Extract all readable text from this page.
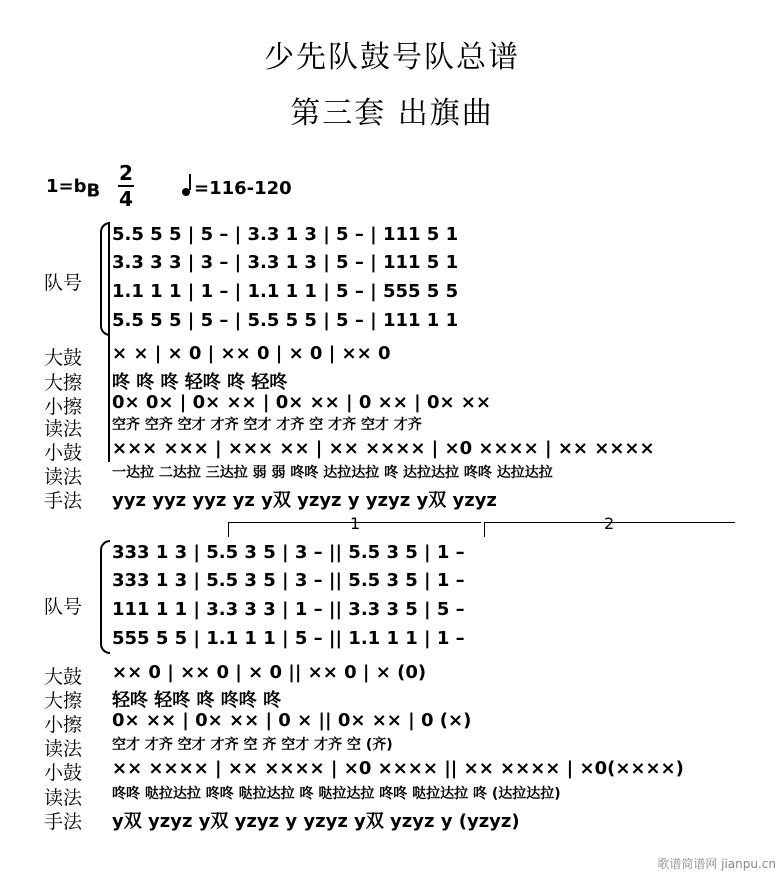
少先队鼓号队总谱
第三套 出旗曲
$1=b_B$
2
4	=116-120
5.5 5 5 | 5 – | 3.3 1 3 | 5 – | 111 5 1
3.3 3 3 | 3 – | 3.3 1 3 | 5 – | 111 5 1
1.1 1 1 | 1 – | 1.1 1 1 | 5 – | 555 5 5
5.5 5 5 | 5 – | 5.5 5 5 | 5 – | 111 1 1
队号
大鼓 × × | × 0 | ×× 0 | × 0 | ×× 0
大擦 咚 咚 咚 轻咚 咚 轻咚
小擦 0× 0× | 0× ×× | 0× ×× | 0 ×× | 0× ××
读法 空齐 空齐 空才 才齐 空才 才齐 空 才齐 空才 才齐
小鼓 ××× ××× | ××× ×× | ×× ×××× | ×0 ×××× | ×× ××××
读法 一达拉 二达拉 三达拉 弱 弱 咚咚 达拉达拉 咚 达拉达拉 咚咚 达拉达拉
手法 yyz yyz yyz yz y双 yzyz y yzyz y双 yzyz
1	2
333 1 3 | 5.5 3 5 | 3 – || 5.5 3 5 | 1 –
333 1 3 | 5.5 3 5 | 3 – || 5.5 3 5 | 1 –
111 1 1 | 3.3 3 3 | 1 – || 3.3 3 5 | 5 –
555 5 5 | 1.1 1 1 | 5 – || 1.1 1 1 | 1 –
队号
大鼓 ×× 0 | ×× 0 | × 0 || ×× 0 | × (0)
大擦 轻咚 轻咚 咚 咚咚 咚
小擦 0× ×× | 0× ×× | 0 × || 0× ×× | 0 (×)
读法 空才 才齐 空才 才齐 空 齐 空才 才齐 空 (齐)
小鼓 ×× ×××× | ×× ×××× | ×0 ×××× || ×× ×××× | ×0(××××)
读法 咚咚 哒拉达拉 咚咚 哒拉达拉 咚 哒拉达拉 咚咚 哒拉达拉 咚 (达拉达拉)
手法 y双 yzyz y双 yzyz y yzyz y双 yzyz y (yzyz)
歌谱简谱网 jianpu.cn
